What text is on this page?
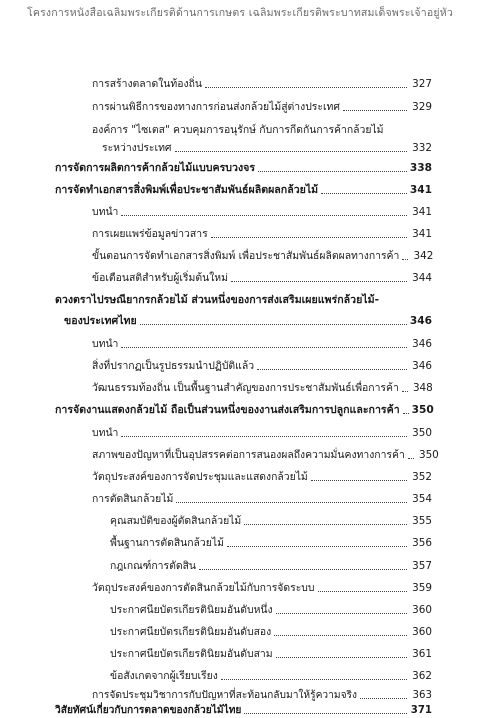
โครงการหนังสือเฉลิมพระเกียรติด้านการเกษตร เฉลิมพระเกียรติพระบาทสมเด็จพระเจ้าอยู่หัว
การสร้างตลาดในท้องถิ่น	327
การผ่านพิธีการของทางการก่อนส่งกล้วยไม้สู่ต่างประเทศ	329
องค์การ "ไซเตส" ควบคุมการอนุรักษ์ กับการกีดกันการค้ากล้วยไม้
ระหว่างประเทศ	332
การจัดการผลิตการค้ากล้วยไม้แบบครบวงจร	338
การจัดทำเอกสารสิ่งพิมพ์เพื่อประชาสัมพันธ์ผลิตผลกล้วยไม้	341
บทนำ	341
การเผยแพร่ข้อมูลข่าวสาร	341
ขั้นตอนการจัดทำเอกสารสิ่งพิมพ์ เพื่อประชาสัมพันธ์ผลิตผลทางการค้า 342
ข้อเตือนสติสำหรับผู้เริ่มต้นใหม่	344
ดวงตราไปรษณียากรกล้วยไม้ ส่วนหนึ่งของการส่งเสริมเผยแพร่กล้วยไม้-
ของประเทศไทย	346
บทนำ	346
สิ่งที่ปรากฏเป็นรูปธรรมนำปฏิบัติแล้ว	346
วัฒนธรรมท้องถิ่น เป็นพื้นฐานสำคัญของการประชาสัมพันธ์เพื่อการค้า 348
การจัดงานแสดงกล้วยไม้ ถือเป็นส่วนหนึ่งของงานส่งเสริมการปลูกและการค้า 350
บทนำ	350
สภาพของปัญหาที่เป็นอุปสรรคต่อการสนองผลถึงความมั่นคงทางการค้า 350
วัตถุประสงค์ของการจัดประชุมและแสดงกล้วยไม้	352
การตัดสินกล้วยไม้	354
คุณสมบัติของผู้ตัดสินกล้วยไม้	355
พื้นฐานการตัดสินกล้วยไม้	356
กฎเกณฑ์การตัดสิน	357
วัตถุประสงค์ของการตัดสินกล้วยไม้กับการจัดระบบ	359
ประกาศนียบัตรเกียรตินิยมอันดับหนึ่ง	360
ประกาศนียบัตรเกียรตินิยมอันดับสอง	360
ประกาศนียบัตรเกียรตินิยมอันดับสาม	361
ข้อสังเกตจากผู้เรียบเรียง	362
การจัดประชุมวิชาการกับปัญหาที่สะท้อนกลับมาให้รู้ความจริง	363
วิสัยทัศน์เกี่ยวกับการตลาดของกล้วยไม้ไทย	371
